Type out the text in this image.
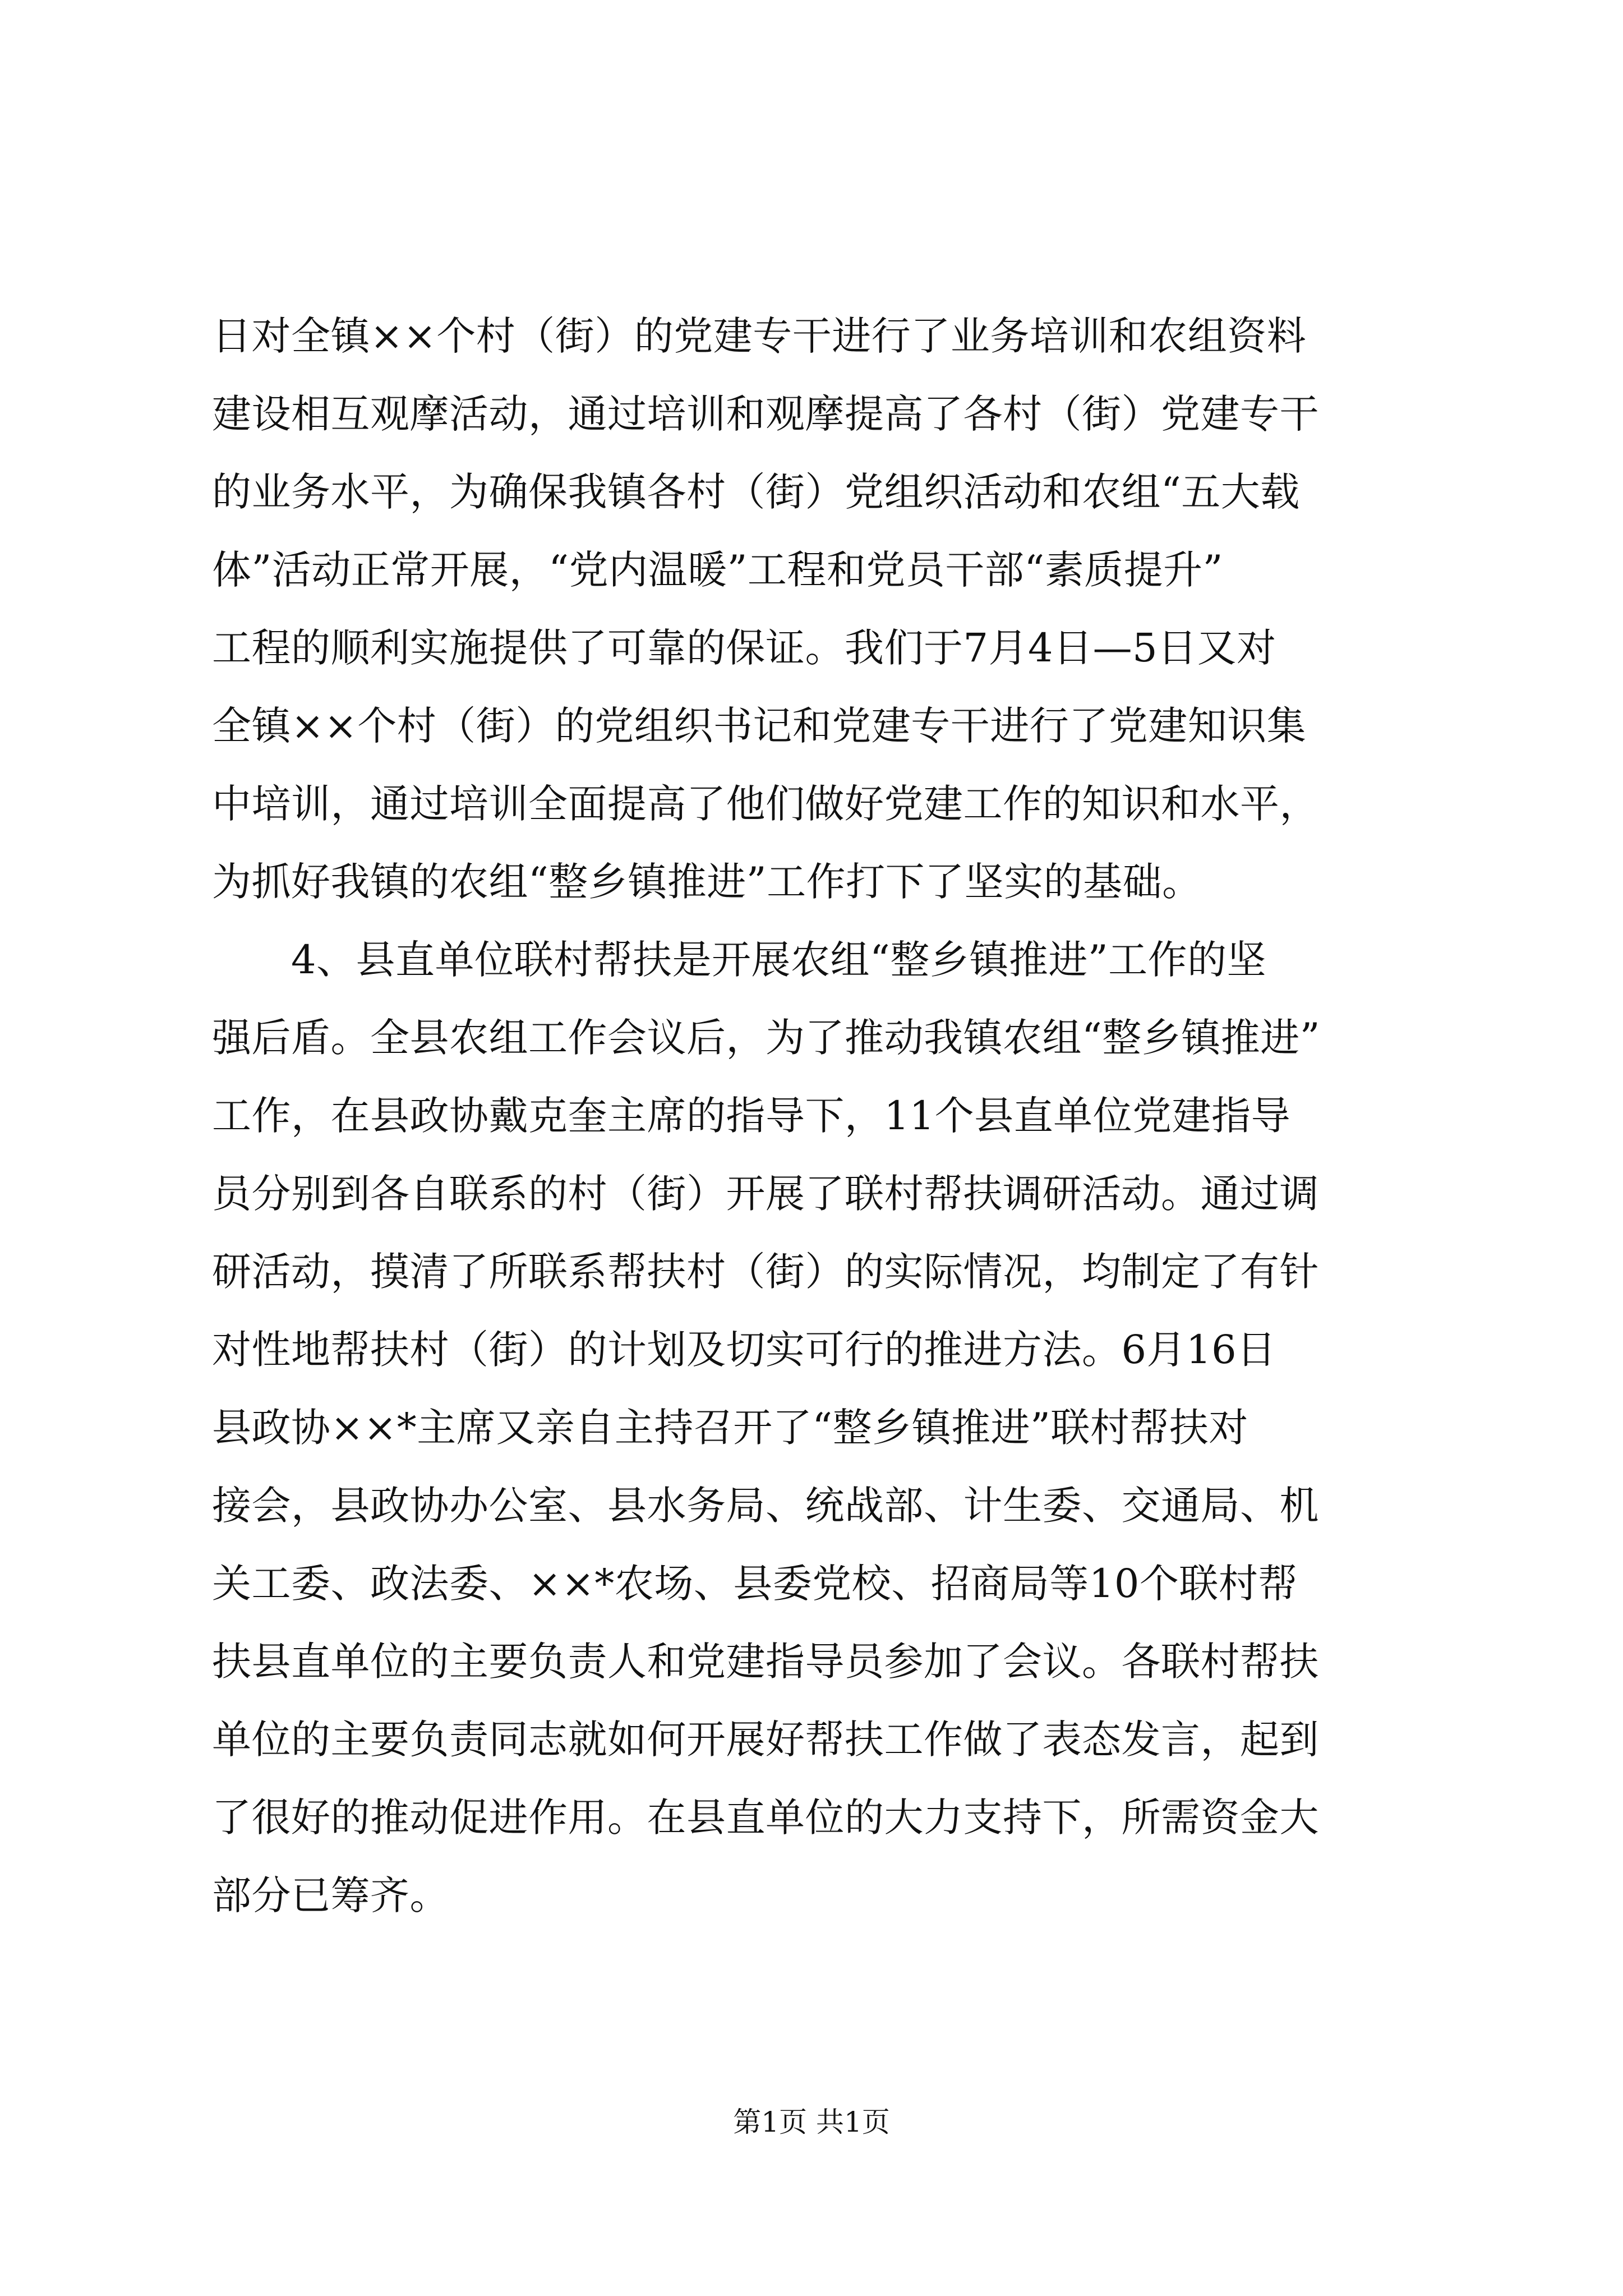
日对全镇××个村（街）的党建专干进行了业务培训和农组资料
建设相互观摩活动，通过培训和观摩提高了各村（街）党建专干
的业务水平，为确保我镇各村（街）党组织活动和农组“五大载
体”活动正常开展，“党内温暖”工程和党员干部“素质提升”
工程的顺利实施提供了可靠的保证。我们于7月4日—5日又对
全镇××个村（街）的党组织书记和党建专干进行了党建知识集
中培训，通过培训全面提高了他们做好党建工作的知识和水平，
为抓好我镇的农组“整乡镇推进”工作打下了坚实的基础。
　　4、县直单位联村帮扶是开展农组“整乡镇推进”工作的坚
强后盾。全县农组工作会议后，为了推动我镇农组“整乡镇推进”
工作，在县政协戴克奎主席的指导下，11个县直单位党建指导
员分别到各自联系的村（街）开展了联村帮扶调研活动。通过调
研活动，摸清了所联系帮扶村（街）的实际情况，均制定了有针
对性地帮扶村（街）的计划及切实可行的推进方法。6月16日
县政协××*主席又亲自主持召开了“整乡镇推进”联村帮扶对
接会，县政协办公室、县水务局、统战部、计生委、交通局、机
关工委、政法委、××*农场、县委党校、招商局等10个联村帮
扶县直单位的主要负责人和党建指导员参加了会议。各联村帮扶
单位的主要负责同志就如何开展好帮扶工作做了表态发言，起到
了很好的推动促进作用。在县直单位的大力支持下，所需资金大
部分已筹齐。
第1页 共1页
